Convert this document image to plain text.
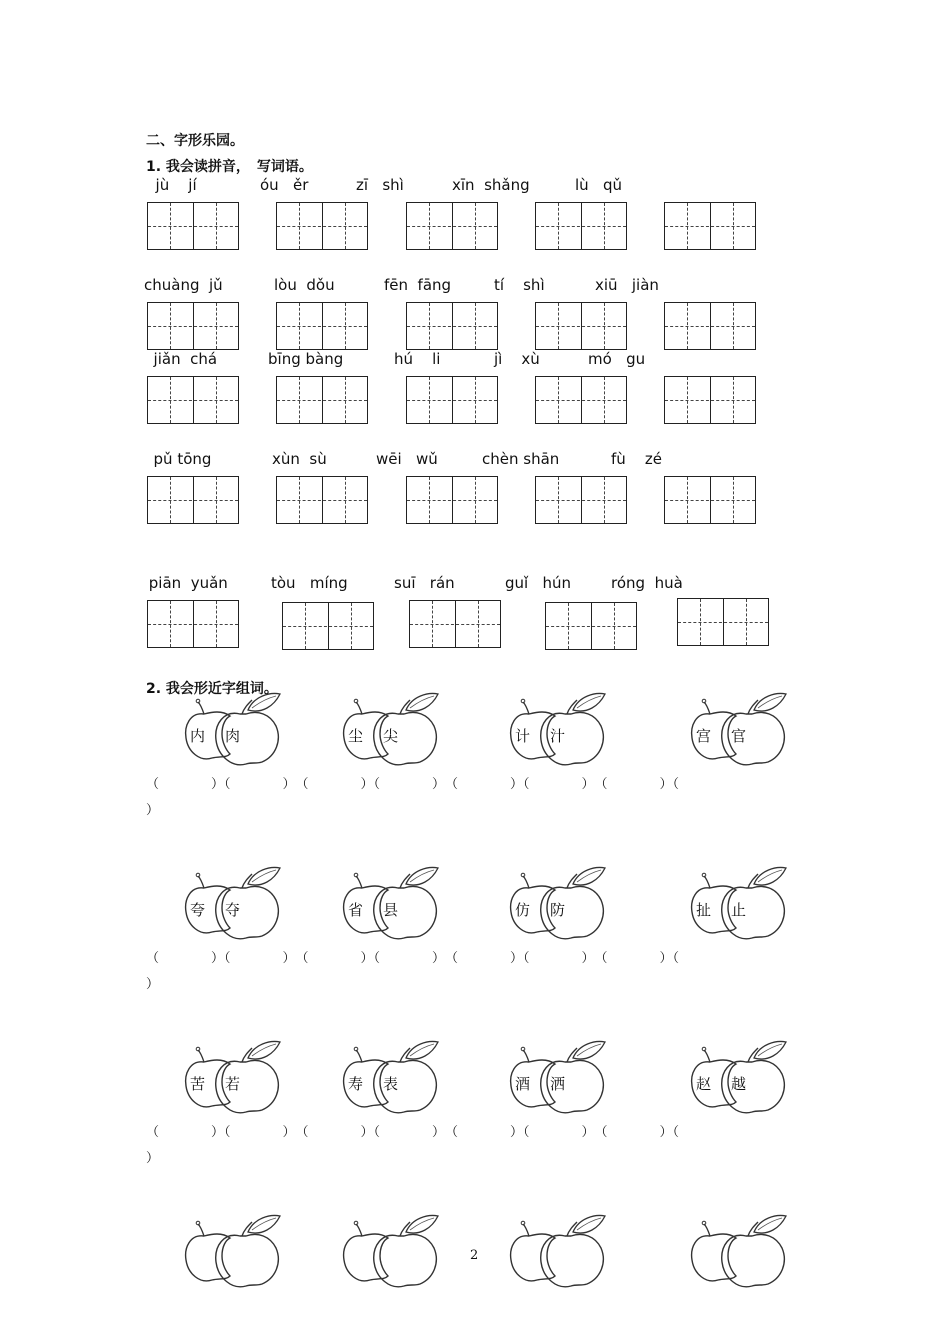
二、字形乐园。
1. 我会读拼音，　写词语。
jù    jí	óu   ěr	zī   shì	xīn  shǎng	lù   qǔ
chuàng  jǔ	lòu  dǒu	fēn  fāng	tí    shì	xiū   jiàn
jiǎn  chá	bīng bàng	hú    li	jì    xù	mó   gu
pǔ tōng	xùn  sù	wēi   wǔ	chèn shān	fù    zé
piān  yuǎn	tòu   míng	suī   rán	guǐ   hún	róng  huà
2. 我会形近字组词。
内 肉	尘 尖	计 汁	宫 官
夸 夺	省 县	仿 防	扯 止
苦 若	寿 表	酒 洒	赵 越
（　　　　）（　　　　）　（　　　　）（　　　　）　（　　　　）（　　　　）　（　　　　）（
）
（　　　　）（　　　　）　（　　　　）（　　　　）　（　　　　）（　　　　）　（　　　　）（
）
（　　　　）（　　　　）　（　　　　）（　　　　）　（　　　　）（　　　　）　（　　　　）（
）
2
